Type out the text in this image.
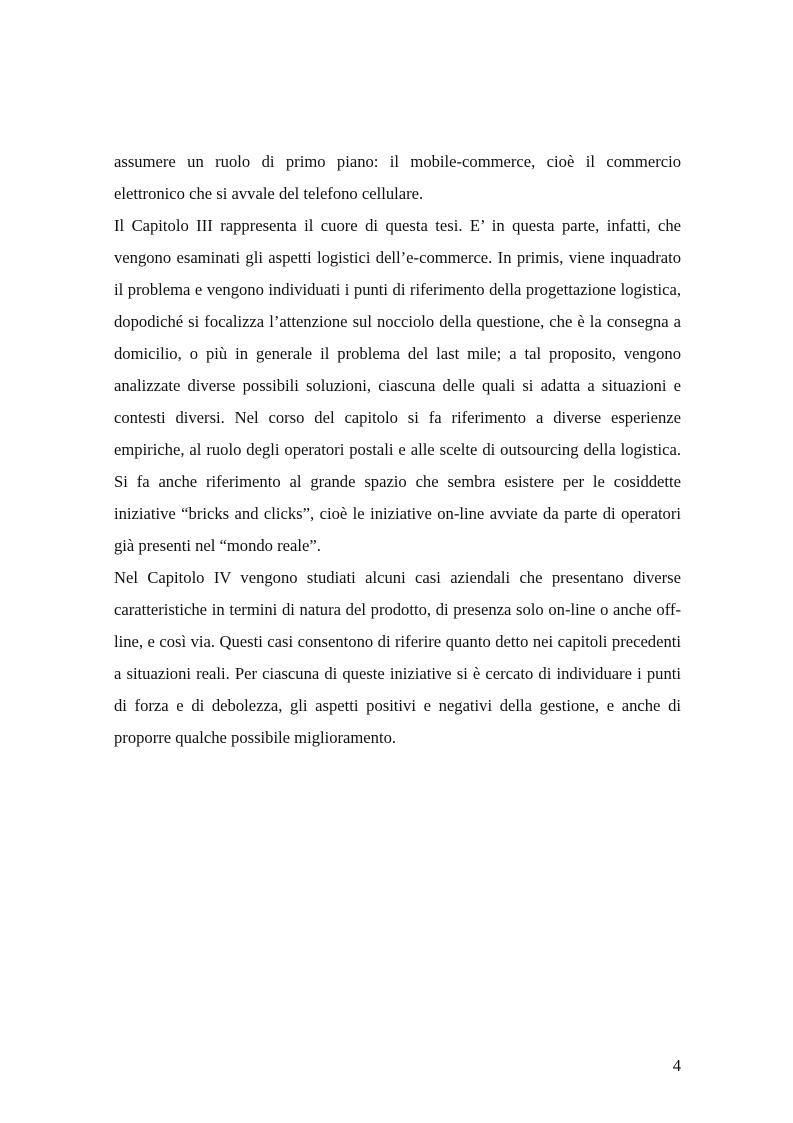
assumere un ruolo di primo piano: il mobile-commerce, cioè il commercio elettronico che si avvale del telefono cellulare.

Il Capitolo III rappresenta il cuore di questa tesi. E’ in questa parte, infatti, che vengono esaminati gli aspetti logistici dell’e-commerce. In primis, viene inquadrato il problema e vengono individuati i punti di riferimento della progettazione logistica, dopodiché si focalizza l’attenzione sul nocciolo della questione, che è la consegna a domicilio, o più in generale il problema del last mile; a tal proposito, vengono analizzate diverse possibili soluzioni, ciascuna delle quali si adatta a situazioni e contesti diversi. Nel corso del capitolo si fa riferimento a diverse esperienze empiriche, al ruolo degli operatori postali e alle scelte di outsourcing della logistica. Si fa anche riferimento al grande spazio che sembra esistere per le cosiddette iniziative “bricks and clicks”, cioè le iniziative on-line avviate da parte di operatori già presenti nel “mondo reale”.

Nel Capitolo IV vengono studiati alcuni casi aziendali che presentano diverse caratteristiche in termini di natura del prodotto, di presenza solo on-line o anche off-line, e così via. Questi casi consentono di riferire quanto detto nei capitoli precedenti a situazioni reali. Per ciascuna di queste iniziative si è cercato di individuare i punti di forza e di debolezza, gli aspetti positivi e negativi della gestione, e anche di proporre qualche possibile miglioramento.

4
